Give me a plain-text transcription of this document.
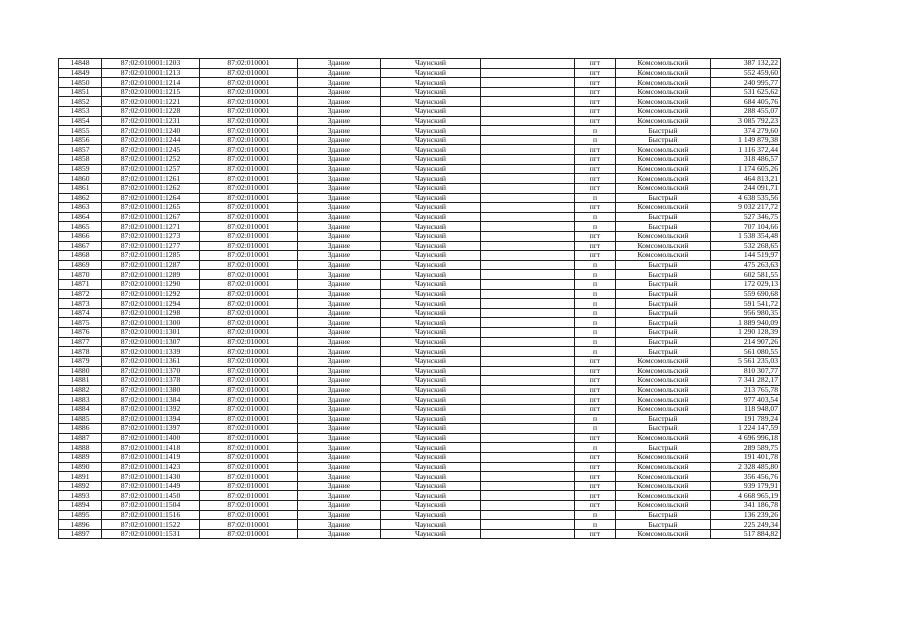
14848	87:02:010001:1203	87:02:010001	Здание	Чаунский		пгт	Комсомольский	387 132,22
14849	87:02:010001:1213	87:02:010001	Здание	Чаунский		пгт	Комсомольский	552 459,60
14850	87:02:010001:1214	87:02:010001	Здание	Чаунский		пгт	Комсомольский	240 995,77
14851	87:02:010001:1215	87:02:010001	Здание	Чаунский		пгт	Комсомольский	531 625,62
14852	87:02:010001:1221	87:02:010001	Здание	Чаунский		пгт	Комсомольский	684 405,76
14853	87:02:010001:1228	87:02:010001	Здание	Чаунский		пгт	Комсомольский	288 455,07
14854	87:02:010001:1231	87:02:010001	Здание	Чаунский		пгт	Комсомольский	3 085 792,23
14855	87:02:010001:1240	87:02:010001	Здание	Чаунский		п	Быстрый	374 279,60
14856	87:02:010001:1244	87:02:010001	Здание	Чаунский		п	Быстрый	1 149 879,38
14857	87:02:010001:1245	87:02:010001	Здание	Чаунский		пгт	Комсомольский	1 116 372,44
14858	87:02:010001:1252	87:02:010001	Здание	Чаунский		пгт	Комсомольский	318 486,57
14859	87:02:010001:1257	87:02:010001	Здание	Чаунский		пгт	Комсомольский	1 174 605,26
14860	87:02:010001:1261	87:02:010001	Здание	Чаунский		пгт	Комсомольский	464 813,21
14861	87:02:010001:1262	87:02:010001	Здание	Чаунский		пгт	Комсомольский	244 091,71
14862	87:02:010001:1264	87:02:010001	Здание	Чаунский		п	Быстрый	4 638 535,56
14863	87:02:010001:1265	87:02:010001	Здание	Чаунский		пгт	Комсомольский	9 032 217,72
14864	87:02:010001:1267	87:02:010001	Здание	Чаунский		п	Быстрый	527 346,75
14865	87:02:010001:1271	87:02:010001	Здание	Чаунский		п	Быстрый	707 104,66
14866	87:02:010001:1273	87:02:010001	Здание	Чаунский		пгт	Комсомольский	1 538 354,48
14867	87:02:010001:1277	87:02:010001	Здание	Чаунский		пгт	Комсомольский	532 268,65
14868	87:02:010001:1285	87:02:010001	Здание	Чаунский		пгт	Комсомольский	144 519,97
14869	87:02:010001:1287	87:02:010001	Здание	Чаунский		п	Быстрый	475 263,63
14870	87:02:010001:1289	87:02:010001	Здание	Чаунский		п	Быстрый	602 581,55
14871	87:02:010001:1290	87:02:010001	Здание	Чаунский		п	Быстрый	172 029,13
14872	87:02:010001:1292	87:02:010001	Здание	Чаунский		п	Быстрый	559 690,68
14873	87:02:010001:1294	87:02:010001	Здание	Чаунский		п	Быстрый	591 541,72
14874	87:02:010001:1298	87:02:010001	Здание	Чаунский		п	Быстрый	956 980,35
14875	87:02:010001:1300	87:02:010001	Здание	Чаунский		п	Быстрый	1 889 940,09
14876	87:02:010001:1301	87:02:010001	Здание	Чаунский		п	Быстрый	1 290 128,39
14877	87:02:010001:1307	87:02:010001	Здание	Чаунский		п	Быстрый	214 907,26
14878	87:02:010001:1339	87:02:010001	Здание	Чаунский		п	Быстрый	561 080,55
14879	87:02:010001:1361	87:02:010001	Здание	Чаунский		пгт	Комсомольский	5 561 235,03
14880	87:02:010001:1370	87:02:010001	Здание	Чаунский		пгт	Комсомольский	810 307,77
14881	87:02:010001:1378	87:02:010001	Здание	Чаунский		пгт	Комсомольский	7 341 282,17
14882	87:02:010001:1380	87:02:010001	Здание	Чаунский		пгт	Комсомольский	213 765,78
14883	87:02:010001:1384	87:02:010001	Здание	Чаунский		пгт	Комсомольский	977 403,54
14884	87:02:010001:1392	87:02:010001	Здание	Чаунский		пгт	Комсомольский	118 948,07
14885	87:02:010001:1394	87:02:010001	Здание	Чаунский		п	Быстрый	191 789,24
14886	87:02:010001:1397	87:02:010001	Здание	Чаунский		п	Быстрый	1 224 147,59
14887	87:02:010001:1400	87:02:010001	Здание	Чаунский		пгт	Комсомольский	4 696 996,18
14888	87:02:010001:1418	87:02:010001	Здание	Чаунский		п	Быстрый	289 589,75
14889	87:02:010001:1419	87:02:010001	Здание	Чаунский		пгт	Комсомольский	191 401,78
14890	87:02:010001:1423	87:02:010001	Здание	Чаунский		пгт	Комсомольский	2 328 485,80
14891	87:02:010001:1430	87:02:010001	Здание	Чаунский		пгт	Комсомольский	356 456,76
14892	87:02:010001:1449	87:02:010001	Здание	Чаунский		пгт	Комсомольский	939 179,91
14893	87:02:010001:1450	87:02:010001	Здание	Чаунский		пгт	Комсомольский	4 668 965,19
14894	87:02:010001:1504	87:02:010001	Здание	Чаунский		пгт	Комсомольский	341 186,78
14895	87:02:010001:1516	87:02:010001	Здание	Чаунский		п	Быстрый	136 239,26
14896	87:02:010001:1522	87:02:010001	Здание	Чаунский		п	Быстрый	225 249,34
14897	87:02:010001:1531	87:02:010001	Здание	Чаунский		пгт	Комсомольский	517 884,82
